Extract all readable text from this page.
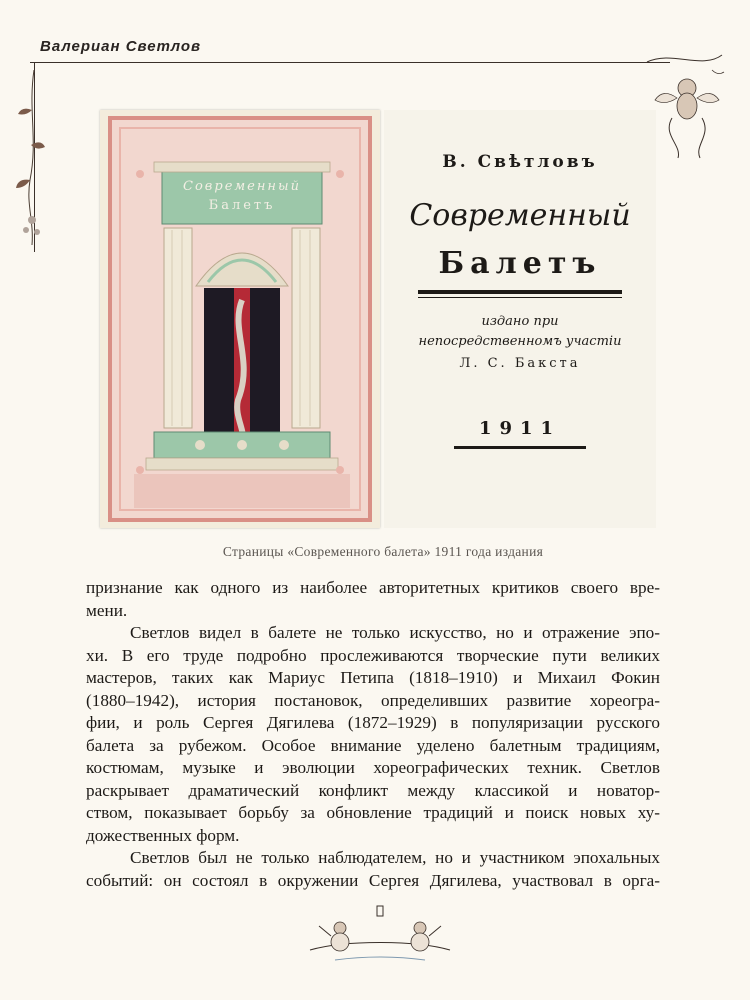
Валериан Светлов
Современный
Балетъ
В. Свѣтловъ
Современный
Балетъ
издано при
непосредственномъ участіи
Л. С. Бакста
1911
Страницы «Современного балета» 1911 года издания
признание как одного из наиболее авторитетных критиков своего вре-
мени.
Светлов видел в балете не только искусство, но и отражение эпо-
хи. В его труде подробно прослеживаются творческие пути великих
мастеров, таких как Мариус Петипа (1818–1910) и Михаил Фокин
(1880–1942), история постановок, определивших развитие хореогра-
фии, и роль Сергея Дягилева (1872–1929) в популяризации русского
балета за рубежом. Особое внимание уделено балетным традициям,
костюмам, музыке и эволюции хореографических техник. Светлов
раскрывает драматический конфликт между классикой и новатор-
ством, показывает борьбу за обновление традиций и поиск новых ху-
дожественных форм.
Светлов был не только наблюдателем, но и участником эпохальных
событий: он состоял в окружении Сергея Дягилева, участвовал в орга-
